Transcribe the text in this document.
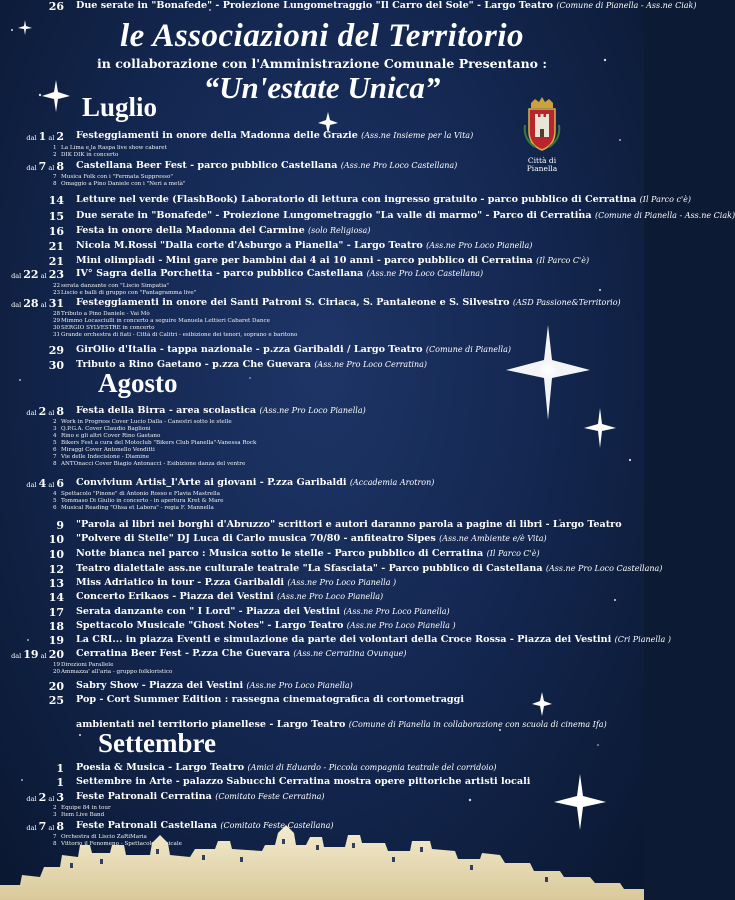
le Associazioni del Territorio
in collaborazione con l'Amministrazione Comunale Presentano :
“Un'estate Unica”
Città di
Pianella
Luglio
Agosto
Settembre
dal 1 al 2 Festeggiamenti in onore della Madonna delle Grazie (Ass.ne Insieme per la Vita)
1 La Lima e la Raspa live show cabaret
2 DIK DIK in concerto
dal 7 al 8 Castellana Beer Fest - parco pubblico Castellana (Ass.ne Pro Loco Castellana)
7 Musica Folk con i "Fermata Suppresso"
8 Omaggio a Pino Daniele con i "Neri a metà"
14 Letture nel verde (FlashBook) Laboratorio di lettura con ingresso gratuito - parco pubblico di Cerratina (Il Parco c'è)
15 Due serate in "Bonafede" - Proiezione Lungometraggio "La valle di marmo" - Parco di Cerratina (Comune di Pianella - Ass.ne Ciak)
16 Festa in onore della Madonna del Carmine (solo Religiosa)
21 Nicola M.Rossi "Dalla corte d'Asburgo a Pianella" - Largo Teatro (Ass.ne Pro Loco Pianella)
21 Mini olimpiadi - Mini gare per bambini dai 4 ai 10 anni - parco pubblico di Cerratina (Il Parco C'è)
dal 22 al 23 IV° Sagra della Porchetta - parco pubblico Castellana (Ass.ne Pro Loco Castellana)
22serata danzante con "Liscio Simpatia"
23Liscio e balli di gruppo con "Fantagramma live"
dal 28 al 31 Festeggiamenti in onore dei Santi Patroni S. Ciriaca, S. Pantaleone e S. Silvestro (ASD Passione&Territorio)
28Tributo a Pino Daniele - Vai Mò
29Mimmo Locasciulli in concerto a seguire Manuela Lettieri Cabaret Dance
30SERGIO SYLVESTRE in concerto
31Grande orchestra di fiati - Città di Calitri - esibizione dei tenori, soprano e baritono
29 GirOlio d'Italia - tappa nazionale - p.zza Garibaldi / Largo Teatro (Comune di Pianella)
30 Tributo a Rino Gaetano - p.zza Che Guevara (Ass.ne Pro Loco Cerratina)
dal 2 al 8 Festa della Birra - area scolastica (Ass.ne Pro Loco Pianella)
2 Work in Progress Cover Lucio Dalla - Canestri sotto le stelle
3 Q.P.G.A. Cover Claudio Baglioni
4 Rino e gli altri Cover Rino Gaetano
5 Bikers Fest a cura del Motoclub "Bikers Club Pianella"-Vanessa Rock
6 Miraggi Cover Antonello Venditti
7 Vie delle Indecisione - Diamine
8 ANTOnacci Cover Biagio Antonacci - Esibizione danza del ventre
dal 4 al 6 Convivium Artist_l'Arte ai giovani - P.zza Garibaldi (Accademia Arotron)
4 Spettacolo "Pinone" di Antonio Rosso e Flavia Mastrella
5 Tommaso Di Giulio in concerto - in apertura Kret & Mare
6 Musical Reading "Ohsa et Labora" - regia F. Mannella
9 "Parola ai libri nei borghi d'Abruzzo" scrittori e autori daranno parola a pagine di libri - Largo Teatro
10 "Polvere di Stelle" DJ Luca di Carlo musica 70/80 - anfiteatro Sipes (Ass.ne Ambiente e/è Vita)
10 Notte bianca nel parco : Musica sotto le stelle - Parco pubblico di Cerratina (Il Parco C'è)
12 Teatro dialettale ass.ne culturale teatrale "La Sfasciata" - Parco pubblico di Castellana (Ass.ne Pro Loco Castellana)
13 Miss Adriatico in tour - P.zza Garibaldi (Ass.ne Pro Loco Pianella )
14 Concerto Erikaos - Piazza dei Vestini (Ass.ne Pro Loco Pianella)
17 Serata danzante con " I Lord" - Piazza dei Vestini (Ass.ne Pro Loco Pianella)
18 Spettacolo Musicale "Ghost Notes" - Largo Teatro (Ass.ne Pro Loco Pianella )
19 La CRI... in piazza Eventi e simulazione da parte dei volontari della Croce Rossa - Piazza dei Vestini (Cri Pianella )
dal 19 al 20 Cerratina Beer Fest - P.zza Che Guevara (Ass.ne Cerratina Ovunque)
19Direzioni Parallele
20Ammazza' all'aria - gruppo folkloristico
20 Sabry Show - Piazza dei Vestini (Ass.ne Pro Loco Pianella)
25 Pop - Cort Summer Edition : rassegna cinematografica di cortometraggi
ambientati nel territorio pianellese - Largo Teatro (Comune di Pianella in collaborazione con scuola di cinema Ifa)
26 Due serate in "Bonafede" - Proiezione Lungometraggio "Il Carro del Sole" - Largo Teatro (Comune di Pianella - Ass.ne Ciak)
1 Poesia & Musica - Largo Teatro (Amici di Eduardo - Piccola compagnia teatrale del corridoio)
1 Settembre in Arte - palazzo Sabucchi Cerratina mostra opere pittoriche artisti locali
dal 2 al 3 Feste Patronali Cerratina (Comitato Feste Cerratina)
2 Equipe 84 in tour
3 Item Live Band
dal 7 al 8 Feste Patronali Castellana (Comitato Feste Castellana)
7 Orchestra di Liscio ZaRiMaria
8 Vittorio il Fenomeno - Spettacolo Musicale
